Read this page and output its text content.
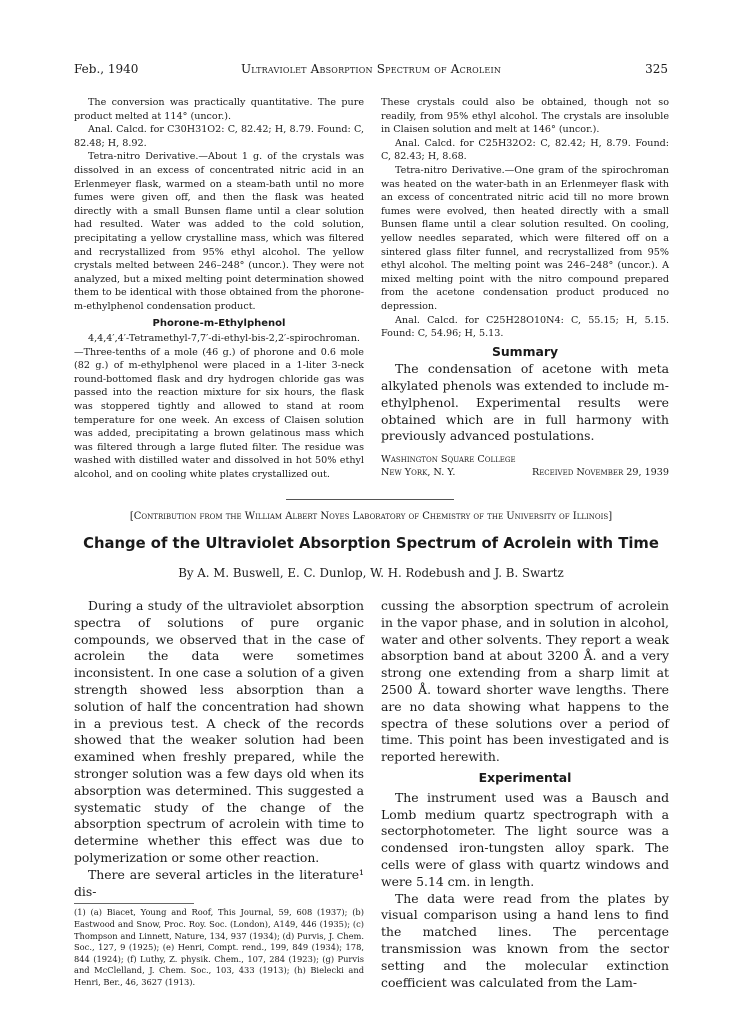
Feb., 1940	Ultraviolet Absorption Spectrum of Acrolein	325

The conversion was practically quantitative. The pure product melted at 114° (uncor.).

Anal. Calcd. for C30H31O2: C, 82.42; H, 8.79. Found: C, 82.48; H, 8.92.

Tetra-nitro Derivative.—About 1 g. of the crystals was dissolved in an excess of concentrated nitric acid in an Erlenmeyer flask, warmed on a steam-bath until no more fumes were given off, and then the flask was heated directly with a small Bunsen flame until a clear solution had resulted. Water was added to the cold solution, precipitating a yellow crystalline mass, which was filtered and recrystallized from 95% ethyl alcohol. The yellow crystals melted between 246–248° (uncor.). They were not analyzed, but a mixed melting point determination showed them to be identical with those obtained from the phorone-m-ethylphenol condensation product.

Phorone-m-Ethylphenol

4,4,4′,4′-Tetramethyl-7,7′-di-ethyl-bis-2,2′-spirochroman.—Three-tenths of a mole (46 g.) of phorone and 0.6 mole (82 g.) of m-ethylphenol were placed in a 1-liter 3-neck round-bottomed flask and dry hydrogen chloride gas was passed into the reaction mixture for six hours, the flask was stoppered tightly and allowed to stand at room temperature for one week. An excess of Claisen solution was added, precipitating a brown gelatinous mass which was filtered through a large fluted filter. The residue was washed with distilled water and dissolved in hot 50% ethyl alcohol, and on cooling white plates crystallized out.

These crystals could also be obtained, though not so readily, from 95% ethyl alcohol. The crystals are insoluble in Claisen solution and melt at 146° (uncor.).

Anal. Calcd. for C25H32O2: C, 82.42; H, 8.79. Found: C, 82.43; H, 8.68.

Tetra-nitro Derivative.—One gram of the spirochroman was heated on the water-bath in an Erlenmeyer flask with an excess of concentrated nitric acid till no more brown fumes were evolved, then heated directly with a small Bunsen flame until a clear solution resulted. On cooling, yellow needles separated, which were filtered off on a sintered glass filter funnel, and recrystallized from 95% ethyl alcohol. The melting point was 246–248° (uncor.). A mixed melting point with the nitro compound prepared from the acetone condensation product produced no depression.

Anal. Calcd. for C25H28O10N4: C, 55.15; H, 5.15. Found: C, 54.96; H, 5.13.

Summary

The condensation of acetone with meta alkylated phenols was extended to include m-ethylphenol. Experimental results were obtained which are in full harmony with previously advanced postulations.

Washington Square College
New York, N. Y.	Received November 29, 1939
[Contribution from the William Albert Noyes Laboratory of Chemistry of the University of Illinois]
Change of the Ultraviolet Absorption Spectrum of Acrolein with Time
By A. M. Buswell, E. C. Dunlop, W. H. Rodebush and J. B. Swartz

During a study of the ultraviolet absorption spectra of solutions of pure organic compounds, we observed that in the case of acrolein the data were sometimes inconsistent. In one case a solution of a given strength showed less absorption than a solution of half the concentration had shown in a previous test. A check of the records showed that the weaker solution had been examined when freshly prepared, while the stronger solution was a few days old when its absorption was determined. This suggested a systematic study of the change of the absorption spectrum of acrolein with time to determine whether this effect was due to polymerization or some other reaction.

There are several articles in the literature¹ dis-

(1) (a) Biacet, Young and Roof, This Journal, 59, 608 (1937); (b) Eastwood and Snow, Proc. Roy. Soc. (London), A149, 446 (1935); (c) Thompson and Linnett, Nature, 134, 937 (1934); (d) Purvis, J. Chem. Soc., 127, 9 (1925); (e) Henri, Compt. rend., 199, 849 (1934); 178, 844 (1924); (f) Luthy, Z. physik. Chem., 107, 284 (1923); (g) Purvis and McClelland, J. Chem. Soc., 103, 433 (1913); (h) Bielecki and Henri, Ber., 46, 3627 (1913).

cussing the absorption spectrum of acrolein in the vapor phase, and in solution in alcohol, water and other solvents. They report a weak absorption band at about 3200 Å. and a very strong one extending from a sharp limit at 2500 Å. toward shorter wave lengths. There are no data showing what happens to the spectra of these solutions over a period of time. This point has been investigated and is reported herewith.

Experimental

The instrument used was a Bausch and Lomb medium quartz spectrograph with a sectorphotometer. The light source was a condensed iron-tungsten alloy spark. The cells were of glass with quartz windows and were 5.14 cm. in length.

The data were read from the plates by visual comparison using a hand lens to find the matched lines. The percentage transmission was known from the sector setting and the molecular extinction coefficient was calculated from the Lam-
